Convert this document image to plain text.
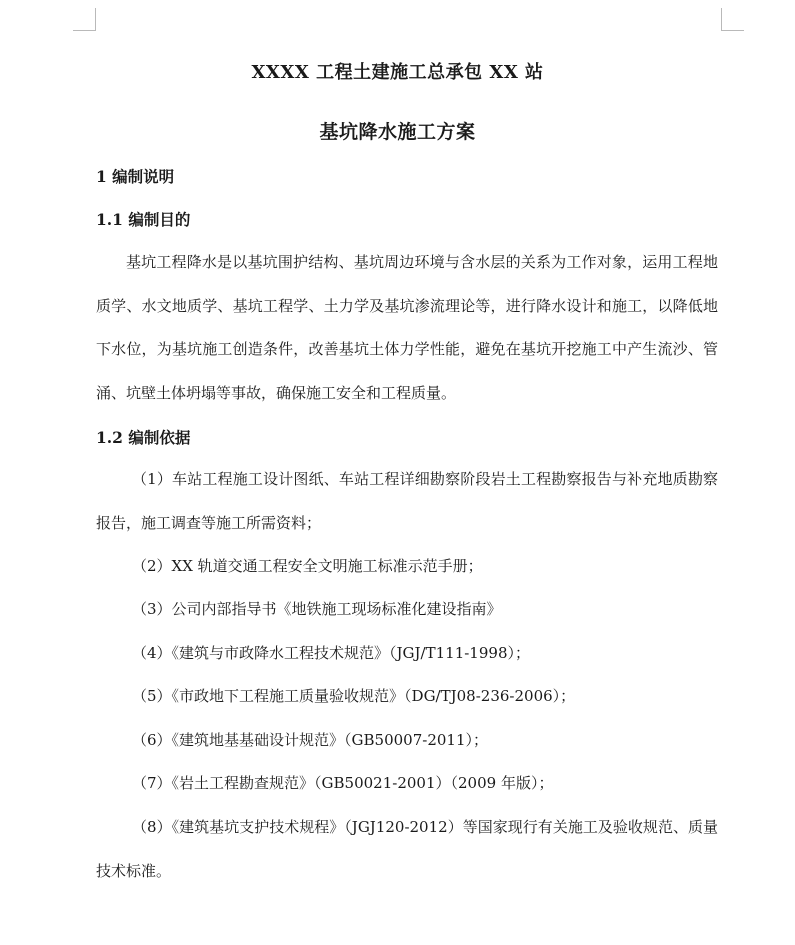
XXXX 工程土建施工总承包 XX 站
基坑降水施工方案
1 编制说明
1.1 编制目的
基坑工程降水是以基坑围护结构、基坑周边环境与含水层的关系为工作对象，运用工程地质学、水文地质学、基坑工程学、土力学及基坑渗流理论等，进行降水设计和施工，以降低地下水位，为基坑施工创造条件，改善基坑土体力学性能，避免在基坑开挖施工中产生流沙、管涌、坑壁土体坍塌等事故，确保施工安全和工程质量。
1.2 编制依据
（1）车站工程施工设计图纸、车站工程详细勘察阶段岩土工程勘察报告与补充地质勘察报告，施工调查等施工所需资料；
（2）XX 轨道交通工程安全文明施工标准示范手册；
（3）公司内部指导书《地铁施工现场标准化建设指南》
（4）《建筑与市政降水工程技术规范》（JGJ/T111-1998）；
（5）《市政地下工程施工质量验收规范》（DG/TJ08-236-2006）；
（6）《建筑地基基础设计规范》（GB50007-2011）；
（7）《岩土工程勘查规范》（GB50021-2001）（2009 年版）；
（8）《建筑基坑支护技术规程》（JGJ120-2012）等国家现行有关施工及验收规范、质量技术标准。
